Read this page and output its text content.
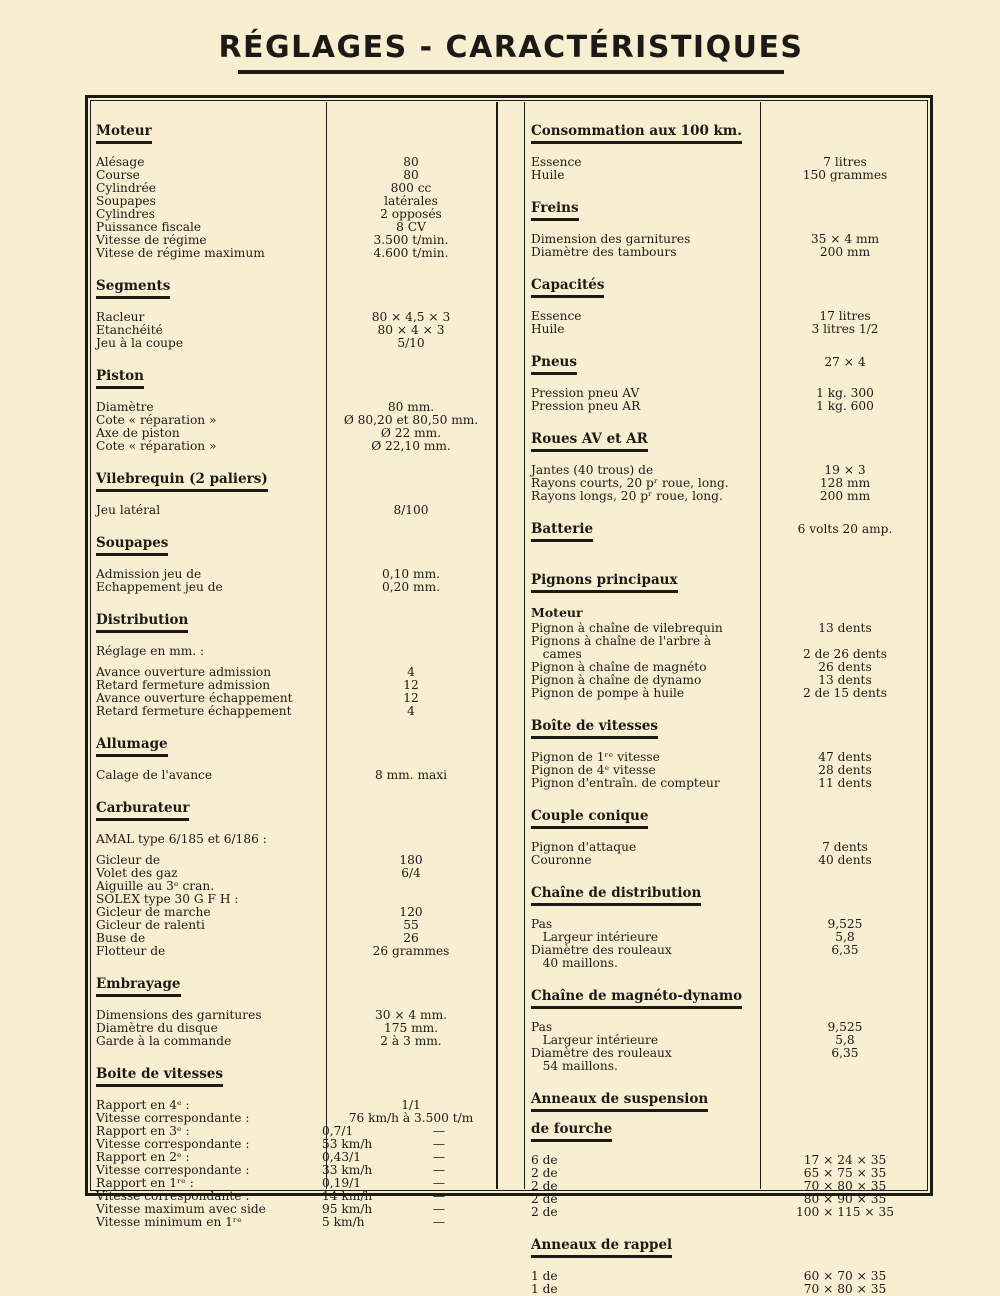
RÉGLAGES - CARACTÉRISTIQUES
Moteur
Alésage	80
Course	80
Cylindrée	800 cc
Soupapes	latérales
Cylindres	2 opposés
Puissance fiscale	8 CV
Vitesse de régime	3.500 t/min.
Vitese de régime maximum	4.600 t/min.
Segments
Racleur	80 × 4,5 × 3
Etanchéité	80 × 4 × 3
Jeu à la coupe	5/10
Piston
Diamètre	80 mm.
Cote « réparation »	Ø 80,20 et 80,50 mm.
Axe de piston	Ø 22 mm.
Cote « réparation »	Ø 22,10 mm.
Vilebrequin (2 paliers)
Jeu latéral	8/100
Soupapes
Admission jeu de	0,10 mm.
Echappement jeu de	0,20 mm.
Distribution
Réglage en mm. :
Avance ouverture admission	4
Retard fermeture admission	12
Avance ouverture échappement	12
Retard fermeture échappement	4
Allumage
Calage de l'avance	8 mm. maxi
Carburateur
AMAL type 6/185 et 6/186 :
Gicleur de	180
Volet des gaz	6/4
Aiguille au 3ᵉ cran.
SOLEX type 30 G F H :
Gicleur de marche	120
Gicleur de ralenti	55
Buse de	26
Flotteur de	26 grammes
Embrayage
Dimensions des garnitures	30 × 4 mm.
Diamètre du disque	175 mm.
Garde à la commande	2 à 3 mm.
Boite de vitesses
Rapport en 4ᵉ :	1/1
Vitesse correspondante :	76 km/h à 3.500 t/m
Rapport en 3ᵉ :	0,7/1	—
Vitesse correspondante :	53 km/h	—
Rapport en 2ᵉ :	0,43/1	—
Vitesse correspondante :	33 km/h	—
Rapport en 1ʳᵉ :	0,19/1	—
Vitesse correspondante :	14 km/h	—
Vitesse maximum avec side	95 km/h	—
Vitesse minimum en 1ʳᵉ	5 km/h	—
Consommation aux 100 km.
Essence	7 litres
Huile	150 grammes
Freins
Dimension des garnitures	35 × 4 mm
Diamètre des tambours	200 mm
Capacités
Essence	17 litres
Huile	3 litres 1/2
Pneus	27 × 4
Pression pneu AV	1 kg. 300
Pression pneu AR	1 kg. 600
Roues AV et AR
Jantes (40 trous) de	19 × 3
Rayons courts, 20 pʳ roue, long.	128 mm
Rayons longs, 20 pʳ roue, long.	200 mm
Batterie	6 volts 20 amp.
Pignons principaux
Moteur
Pignon à chaîne de vilebrequin	13 dents
Pignons à chaîne de l'arbre à
cames	2 de 26 dents
Pignon à chaîne de magnéto	26 dents
Pignon à chaîne de dynamo	13 dents
Pignon de pompe à huile	2 de 15 dents
Boîte de vitesses
Pignon de 1ʳᵉ vitesse	47 dents
Pignon de 4ᵉ vitesse	28 dents
Pignon d'entraîn. de compteur	11 dents
Couple conique
Pignon d'attaque	7 dents
Couronne	40 dents
Chaîne de distribution
Pas	9,525
Largeur intérieure	5,8
Diamètre des rouleaux	6,35
40 maillons.
Chaîne de magnéto-dynamo
Pas	9,525
Largeur intérieure	5,8
Diamètre des rouleaux	6,35
54 maillons.
Anneaux de suspension
de fourche
6 de	17 × 24 × 35
2 de	65 × 75 × 35
2 de	70 × 80 × 35
2 de	80 × 90 × 35
2 de	100 × 115 × 35
Anneaux de rappel
1 de	60 × 70 × 35
1 de	70 × 80 × 35
